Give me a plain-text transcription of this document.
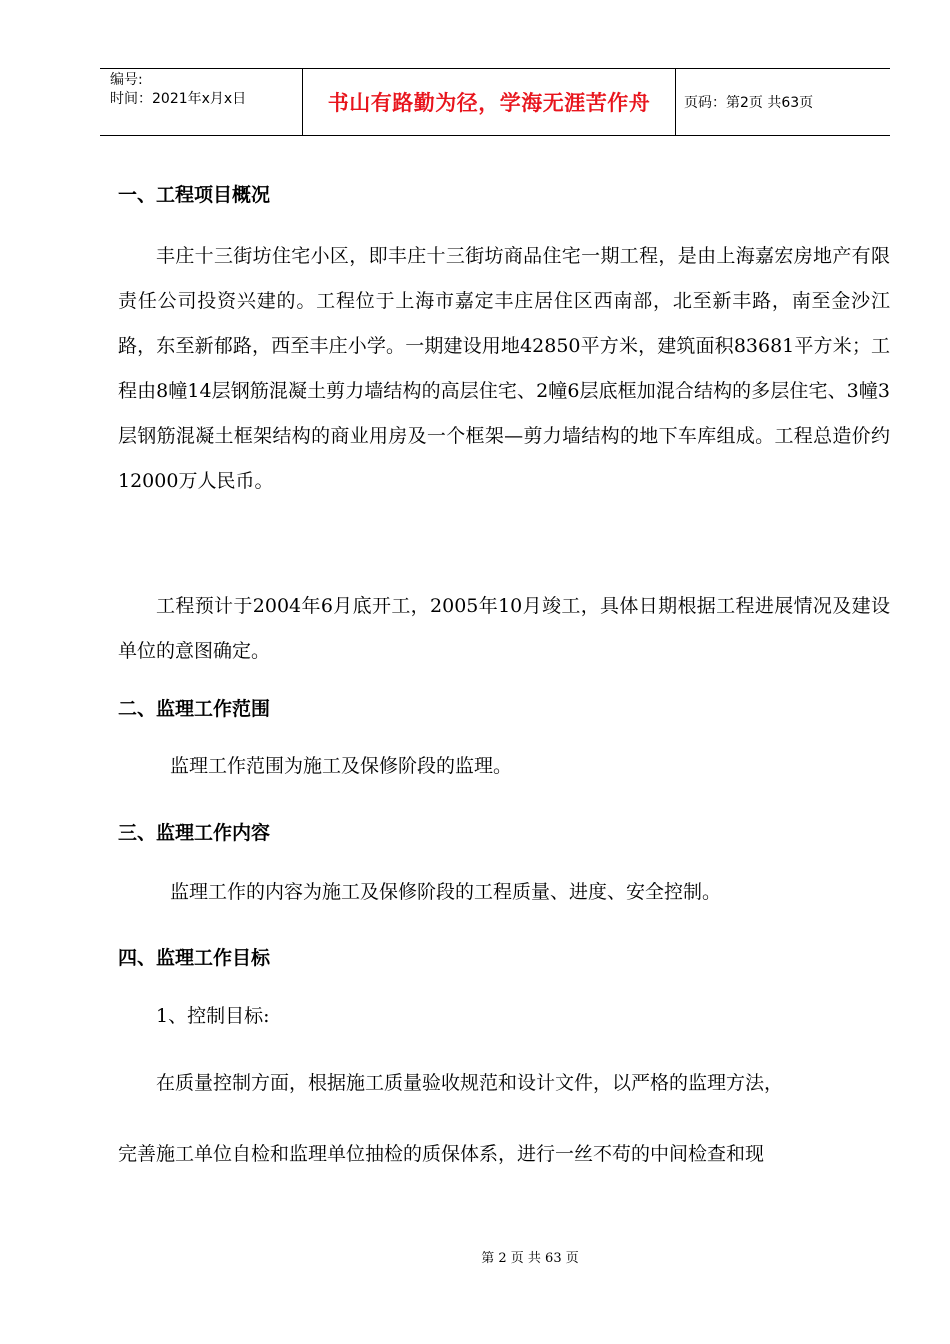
编号:
时间：2021年x月x日	书山有路勤为径，学海无涯苦作舟 页码：第2页 共63页
一、工程项目概况
丰庄十三街坊住宅小区，即丰庄十三街坊商品住宅一期工程，是由上海嘉宏房地产有限责任公司投资兴建的。工程位于上海市嘉定丰庄居住区西南部，北至新丰路，南至金沙江路，东至新郁路，西至丰庄小学。一期建设用地42850平方米，建筑面积83681平方米；工程由8幢14层钢筋混凝土剪力墙结构的高层住宅、2幢6层底框加混合结构的多层住宅、3幢3层钢筋混凝土框架结构的商业用房及一个框架—剪力墙结构的地下车库组成。工程总造价约12000万人民币。
工程预计于2004年6月底开工，2005年10月竣工，具体日期根据工程进展情况及建设单位的意图确定。
二、监理工作范围
监理工作范围为施工及保修阶段的监理。
三、监理工作内容
监理工作的内容为施工及保修阶段的工程质量、进度、安全控制。
四、监理工作目标
1、控制目标:
在质量控制方面，根据施工质量验收规范和设计文件，以严格的监理方法，
完善施工单位自检和监理单位抽检的质保体系，进行一丝不苟的中间检查和现
第 2 页 共 63 页
